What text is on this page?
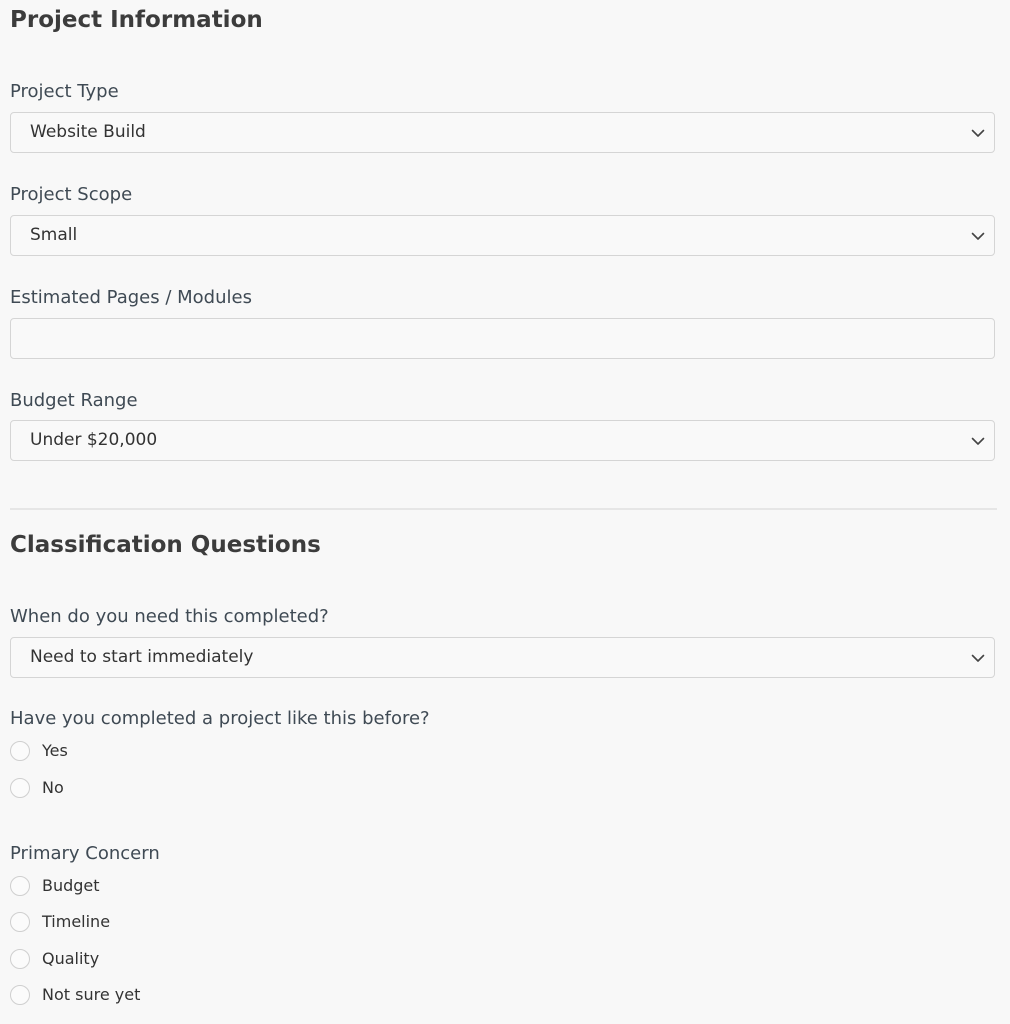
Project Information
Project Type
Website Build
Project Scope
Small
Estimated Pages / Modules
Budget Range
Under $20,000
Classification Questions
When do you need this completed?
Need to start immediately
Have you completed a project like this before?
Yes
No
Primary Concern
Budget
Timeline
Quality
Not sure yet
